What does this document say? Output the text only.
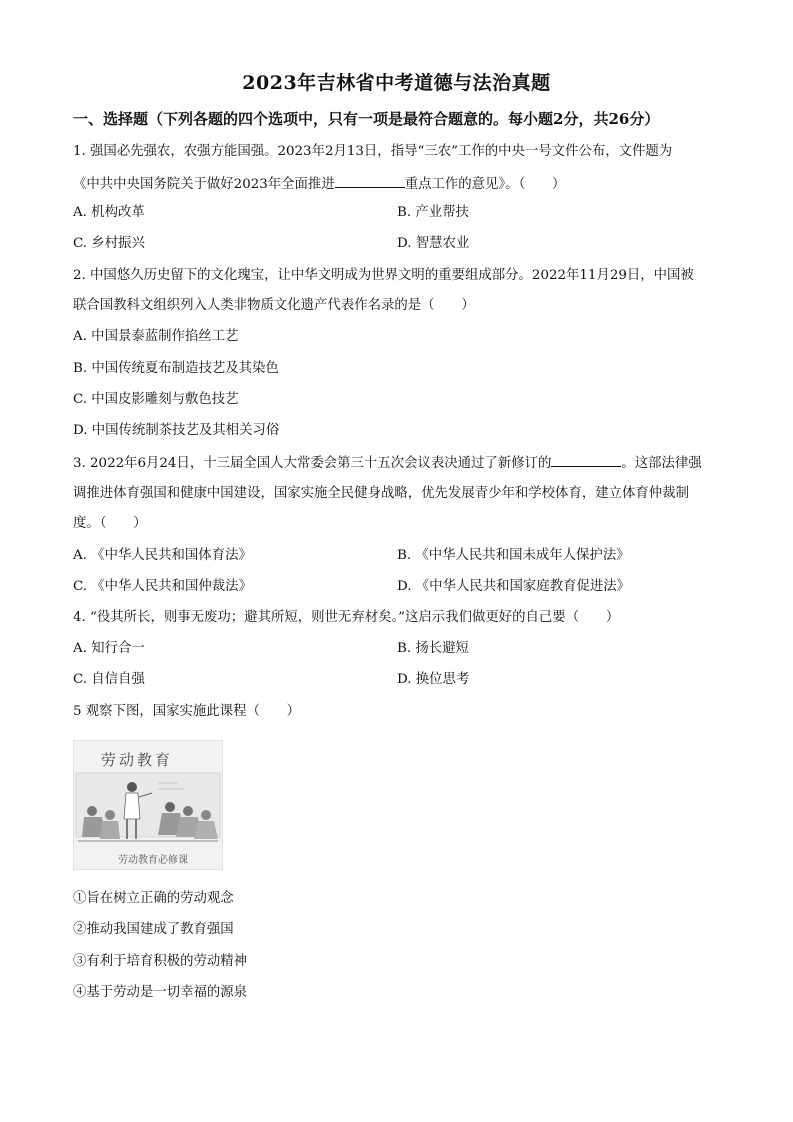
2023年吉林省中考道德与法治真题
一、选择题（下列各题的四个选项中，只有一项是最符合题意的。每小题2分，共26分）
1. 强国必先强农，农强方能国强。2023年2月13日，指导“三农”工作的中央一号文件公布，文件题为
《中共中央国务院关于做好2023年全面推进	重点工作的意见》。（　　）
A. 机构改革	B. 产业帮扶
C. 乡村振兴	D. 智慧农业
2. 中国悠久历史留下的文化瑰宝，让中华文明成为世界文明的重要组成部分。2022年11月29日，中国被
联合国教科文组织列入人类非物质文化遗产代表作名录的是（　　）
A. 中国景泰蓝制作掐丝工艺
B. 中国传统夏布制造技艺及其染色
C. 中国皮影雕刻与敷色技艺
D. 中国传统制茶技艺及其相关习俗
3. 2022年6月24日，十三届全国人大常委会第三十五次会议表决通过了新修订的	。这部法律强
调推进体育强国和健康中国建设，国家实施全民健身战略，优先发展青少年和学校体育，建立体育仲裁制
度。（　　）
A. 《中华人民共和国体育法》	B. 《中华人民共和国未成年人保护法》
C. 《中华人民共和国仲裁法》	D. 《中华人民共和国家庭教育促进法》
4. “役其所长，则事无废功；避其所短，则世无弃材矣。”这启示我们做更好的自己要（　　）
A. 知行合一	B. 扬长避短
C. 自信自强	D. 换位思考
5 观察下图，国家实施此课程（　　）
劳动教育
劳动教育必修课
①旨在树立正确的劳动观念
②推动我国建成了教育强国
③有利于培育积极的劳动精神
④基于劳动是一切幸福的源泉
